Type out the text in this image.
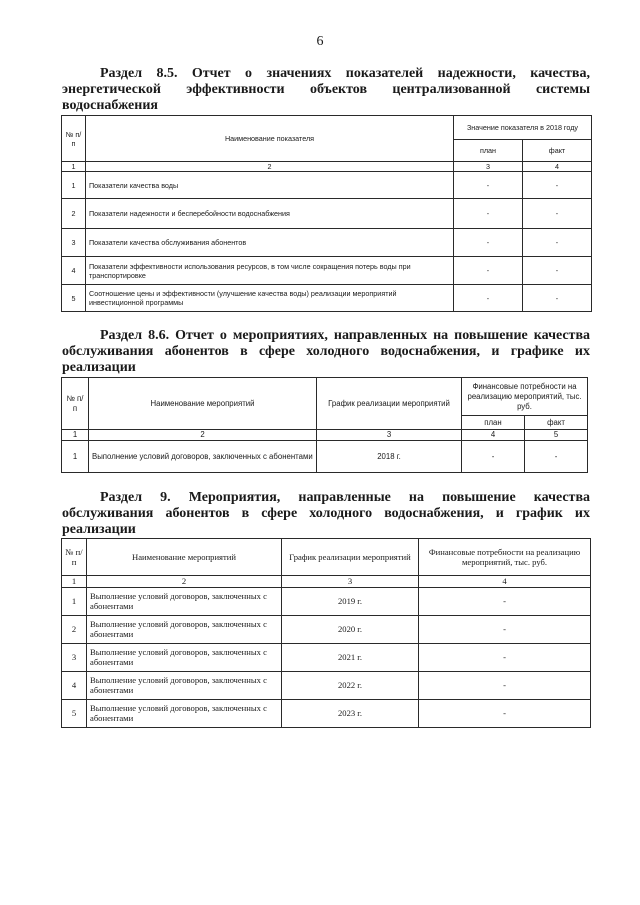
6
Раздел 8.5. Отчет о значениях показателей надежности, качества,
энергетической эффективности объектов централизованной системы
водоснабжения
№ п/п	Наименование показателя	Значение показателя в 2018 году	
		план	факт
1	2	3	4
1	Показатели качества воды	-	-
2	Показатели надежности и бесперебойности водоснабжения	-	-
3	Показатели качества обслуживания абонентов	-	-
4	Показатели эффективности использования ресурсов, в том числе сокращения потерь воды при транспортировке	-	-
5	Соотношение цены и эффективности (улучшение качества воды) реализации мероприятий инвестиционной программы	-	-
Раздел 8.6. Отчет о мероприятиях, направленных на повышение качества
обслуживания абонентов в сфере холодного водоснабжения, и графике их
реализации
№ п/п	Наименование мероприятий	График реализации мероприятий	Финансовые потребности на реализацию мероприятий, тыс. руб.	
			план	факт
1	2	3	4	5
1	Выполнение условий договоров, заключенных с абонентами	2018 г.	-	-
Раздел 9. Мероприятия, направленные на повышение качества
обслуживания абонентов в сфере холодного водоснабжения, и график их
реализации
№ п/п	Наименование мероприятий	График реализации мероприятий	Финансовые потребности на реализацию мероприятий, тыс. руб.
1	2	3	4
1	Выполнение условий договоров, заключенных с абонентами	2019 г.	-
2	Выполнение условий договоров, заключенных с абонентами	2020 г.	-
3	Выполнение условий договоров, заключенных с абонентами	2021 г.	-
4	Выполнение условий договоров, заключенных с абонентами	2022 г.	-
5	Выполнение условий договоров, заключенных с абонентами	2023 г.	-
